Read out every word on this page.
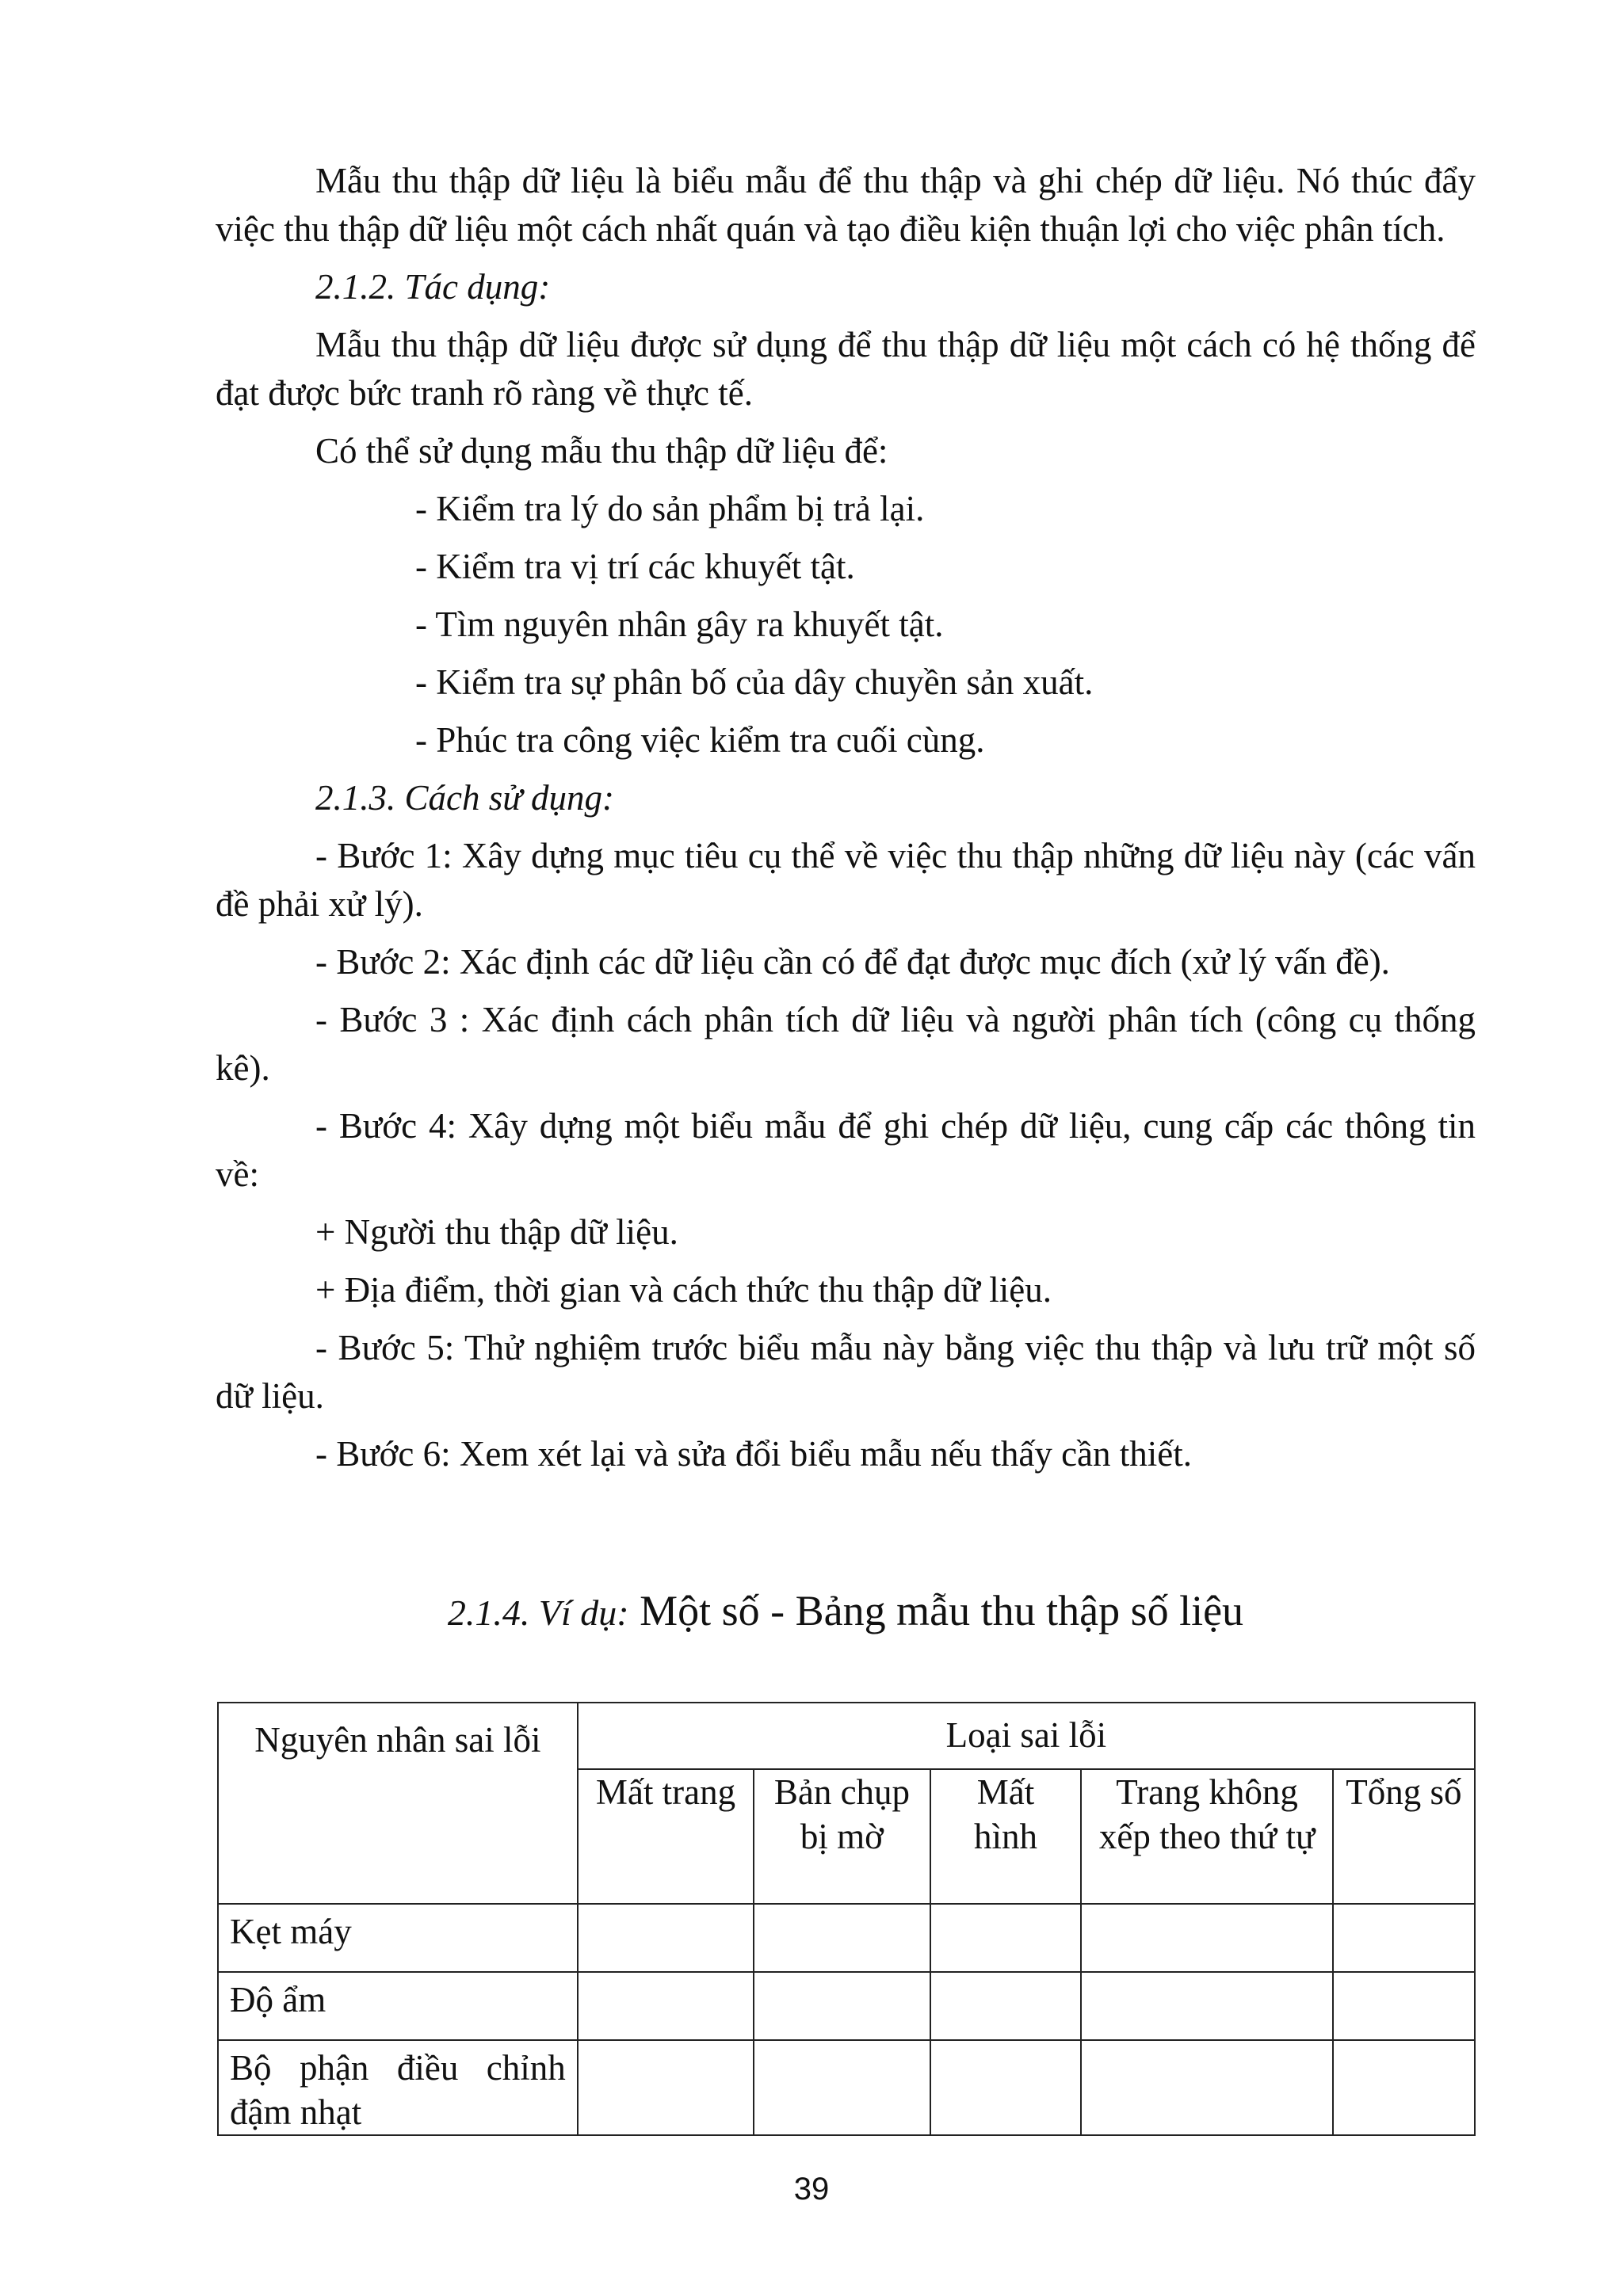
Mẫu thu thập dữ liệu là biểu mẫu để thu thập và ghi chép dữ liệu. Nó thúc đẩy việc thu thập dữ liệu một cách nhất quán và tạo điều kiện thuận lợi cho việc phân tích.

2.1.2. Tác dụng:

Mẫu thu thập dữ liệu được sử dụng để thu thập dữ liệu một cách có hệ thống để đạt được bức tranh rõ ràng về thực tế.

Có thể sử dụng mẫu thu thập dữ liệu để:

- Kiểm tra lý do sản phẩm bị trả lại.

- Kiểm tra vị trí các khuyết tật.

- Tìm nguyên nhân gây ra khuyết tật.

- Kiểm tra sự phân bố của dây chuyền sản xuất.

- Phúc tra công việc kiểm tra cuối cùng.

2.1.3. Cách sử dụng:

- Bước 1: Xây dựng mục tiêu cụ thể về việc thu thập những dữ liệu này (các vấn đề phải xử lý).

- Bước 2: Xác định các dữ liệu cần có để đạt được mục đích (xử lý vấn đề).

- Bước 3 : Xác định cách phân tích dữ liệu và người phân tích (công cụ thống kê).

- Bước 4: Xây dựng một biểu mẫu để ghi chép dữ liệu, cung cấp các thông tin về:

+ Người thu thập dữ liệu.

+ Địa điểm, thời gian và cách thức thu thập dữ liệu.

- Bước 5: Thử nghiệm trước biểu mẫu này bằng việc thu thập và lưu trữ một số dữ liệu.

- Bước 6: Xem xét lại và sửa đổi biểu mẫu nếu thấy cần thiết.

2.1.4. Ví dụ: Một số - Bảng mẫu thu thập số liệu
Nguyên nhân sai lỗi	Loại sai lỗi				
	Mất trang	Bản chụp bị mờ	Mất hình	Trang không xếp theo thứ tự	Tổng số
Kẹt máy					
Độ ẩm					
Bộ phận điều chỉnh đậm nhạt					
39
